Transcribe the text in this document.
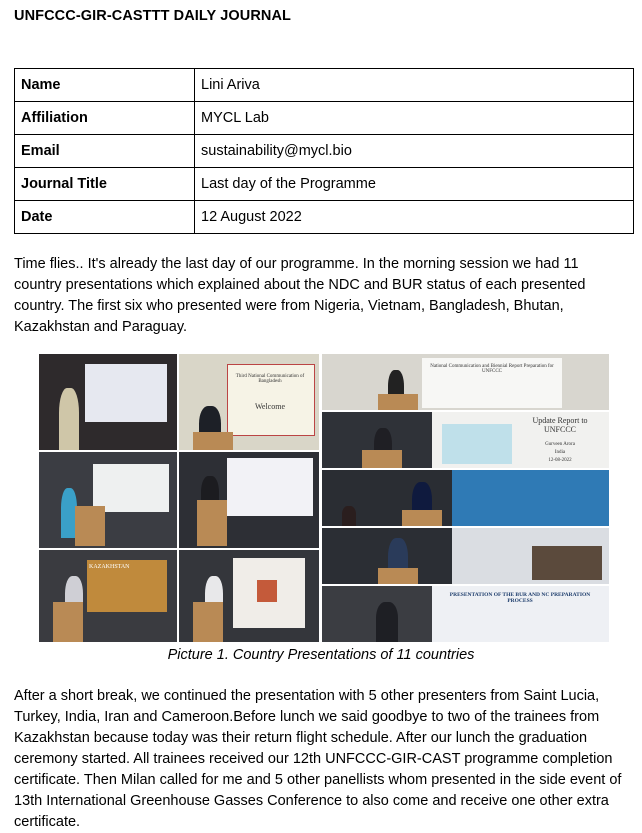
UNFCCC-GIR-CASTTT DAILY JOURNAL
Name	Lini Ariva
Affiliation	MYCL Lab
Email	sustainability@mycl.bio
Journal Title	Last day of the Programme
Date	12 August 2022

Time flies.. It's already the last day of our programme. In the morning session we had 11 country presentations which explained about the NDC and BUR status of each presented country. The first six who presented were from Nigeria, Vietnam, Bangladesh, Bhutan, Kazakhstan and Paraguay.

Third National Communication of Bangladesh
Welcome
KAZAKHSTAN
National Communication and Biennial Report Preparation for UNFCCC
Update Report to UNFCCC
Gurveen Arora
India
12-08-2022
PRESENTATION OF THE BUR AND NC PREPARATION PROCESS
Picture 1. Country Presentations of 11 countries

After a short break, we continued the presentation with 5 other presenters from Saint Lucia, Turkey, India, Iran and Cameroon.Before lunch we said goodbye to two of the trainees from Kazakhstan because today was their return flight schedule. After our lunch the graduation ceremony started. All trainees received our 12th UNFCCC-GIR-CAST programme completion certificate. Then Milan called for me and 5 other panellists whom presented in the side event of 13th International Greenhouse Gasses Conference to also come and receive one other extra certificate.
